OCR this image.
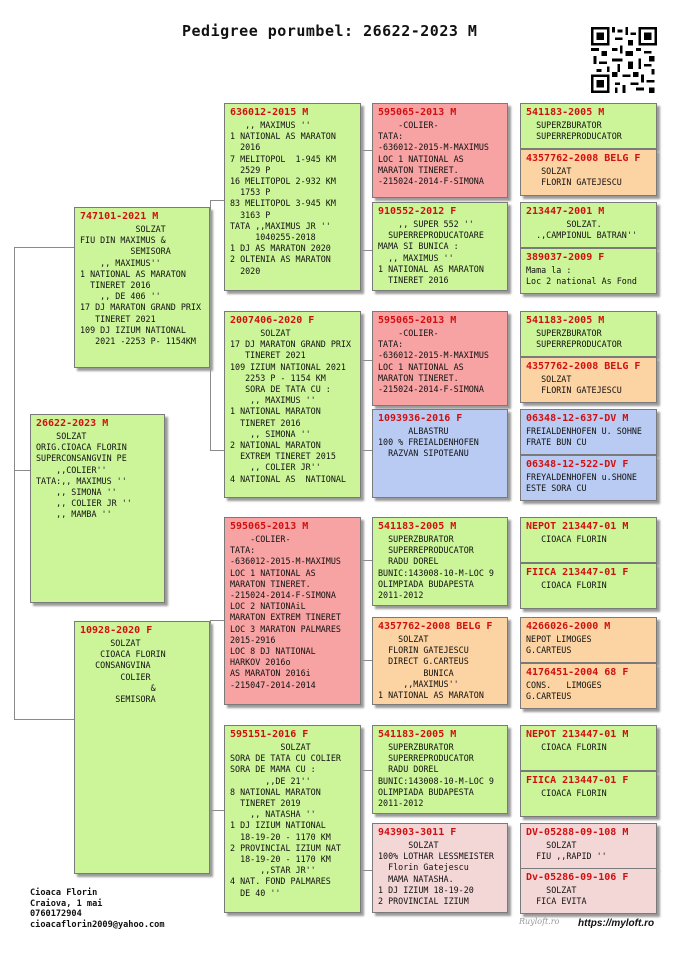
Pedigree porumbel: 26622-2023 M
26622-2023 M
SOLZAT
ORIG.CIOACA FLORIN
SUPERCONSANGVIN PE
,,COLIER''
TATA:,, MAXIMUS ''
,, SIMONA ''
,, COLIER JR ''
,, MAMBA ''
747101-2021 M
SOLZAT
FIU DIN MAXIMUS &
SEMISORA
,, MAXIMUS''
1 NATIONAL AS MARATON
TINERET 2016
,, DE 406 ''
17 DJ MARATON GRAND PRIX
TINERET 2021
109 DJ IZIUM NATIONAL
2021 -2253 P- 1154KM
10928-2020 F
SOLZAT
CIOACA FLORIN
CONSANGVINA
COLIER
&
SEMISORA
636012-2015 M
,, MAXIMUS ''
1 NATIONAL AS MARATON
2016
7 MELITOPOL  1-945 KM
2529 P
16 MELITOPOL 2-932 KM
1753 P
83 MELITOPOL 3-945 KM
3163 P
TATA ,,MAXIMUS JR ''
1040255-2018
1 DJ AS MARATON 2020
2 OLTENIA AS MARATON
2020
2007406-2020 F
SOLZAT
17 DJ MARATON GRAND PRIX
TINERET 2021
109 IZIUM NATIONAL 2021
2253 P - 1154 KM
SORA DE TATA CU :
,, MAXIMUS ''
1 NATIONAL MARATON
TINERET 2016
,, SIMONA ''
2 NATIONAL MARATON
EXTREM TINERET 2015
,, COLIER JR''
4 NATIONAL AS  NATIONAL
595065-2013 M
-COLIER-
TATA:
-636012-2015-M-MAXIMUS
LOC 1 NATIONAL AS
MARATON TINERET.
-215024-2014-F-SIMONA
LOC 2 NATIONAiL
MARATON EXTREM TINERET
LOC 3 MARATON PALMARES
2015-2916
LOC 8 DJ NATIONAL
HARKOV 2016o
AS MARATON 2016i
-215047-2014-2014
595151-2016 F
SOLZAT
SORA DE TATA CU COLIER
SORA DE MAMA CU :
,,DE 21''
8 NATIONAL MARATON
TINERET 2019
,, NATASHA ''
1 DJ IZIUM NATIONAL
18-19-20 - 1170 KM
2 PROVINCIAL IZIUM NAT
18-19-20 - 1170 KM
,,STAR JR''
4 NAT. FOND PALMARES
DE 40 ''
595065-2013 M
-COLIER-
TATA:
-636012-2015-M-MAXIMUS
LOC 1 NATIONAL AS
MARATON TINERET.
-215024-2014-F-SIMONA
910552-2012 F
,, SUPER 552 ''
SUPERREPRODUCATOARE
MAMA SI BUNICA :
,, MAXIMUS ''
1 NATIONAL AS MARATON
TINERET 2016
595065-2013 M
-COLIER-
TATA:
-636012-2015-M-MAXIMUS
LOC 1 NATIONAL AS
MARATON TINERET.
-215024-2014-F-SIMONA
1093936-2016 F
ALBASTRU
100 % FREIALDENHOFEN
RAZVAN SIPOTEANU
541183-2005 M
SUPERZBURATOR
SUPERREPRODUCATOR
RADU DOREL
BUNIC:143008-10-M-LOC 9
OLIMPIADA BUDAPESTA
2011-2012
4357762-2008 BELG F
SOLZAT
FLORIN GATEJESCU
DIRECT G.CARTEUS
BUNICA
,,MAXIMUS''
1 NATIONAL AS MARATON
541183-2005 M
SUPERZBURATOR
SUPERREPRODUCATOR
RADU DOREL
BUNIC:143008-10-M-LOC 9
OLIMPIADA BUDAPESTA
2011-2012
943903-3011 F
SOLZAT
100% LOTHAR LESSMEISTER
Florin Gatejescu
MAMA NATASHA.
1 DJ IZIUM 18-19-20
2 PROVINCIAL IZIUM
541183-2005 M
SUPERZBURATOR
SUPERREPRODUCATOR
4357762-2008 BELG F
SOLZAT
FLORIN GATEJESCU
213447-2001 M
SOLZAT.
.,CAMPIONUL BATRAN''
389037-2009 F
Mama la :
Loc 2 national As Fond
541183-2005 M
SUPERZBURATOR
SUPERREPRODUCATOR
4357762-2008 BELG F
SOLZAT
FLORIN GATEJESCU
06348-12-637-DV M
FREIALDENHOFEN U. SOHNE
FRATE BUN CU
06348-12-522-DV F
FREYALDENHOFEN u.SHONE
ESTE SORA CU
NEPOT 213447-01 M
CIOACA FLORIN
FIICA 213447-01 F
CIOACA FLORIN
4266026-2000 M
NEPOT LIMOGES
G.CARTEUS
4176451-2004 68 F
CONS.   LIMOGES
G.CARTEUS
NEPOT 213447-01 M
CIOACA FLORIN
FIICA 213447-01 F
CIOACA FLORIN
DV-05288-09-108 M
SOLZAT
FIU ,,RAPID ''
Dv-05286-09-106 F
SOLZAT
FICA EVITA
Cioaca Florin
Craiova, 1 mai
0760172904
cioacaflorin2009@yahoo.com	Ruyloft.ro https://myloft.ro
